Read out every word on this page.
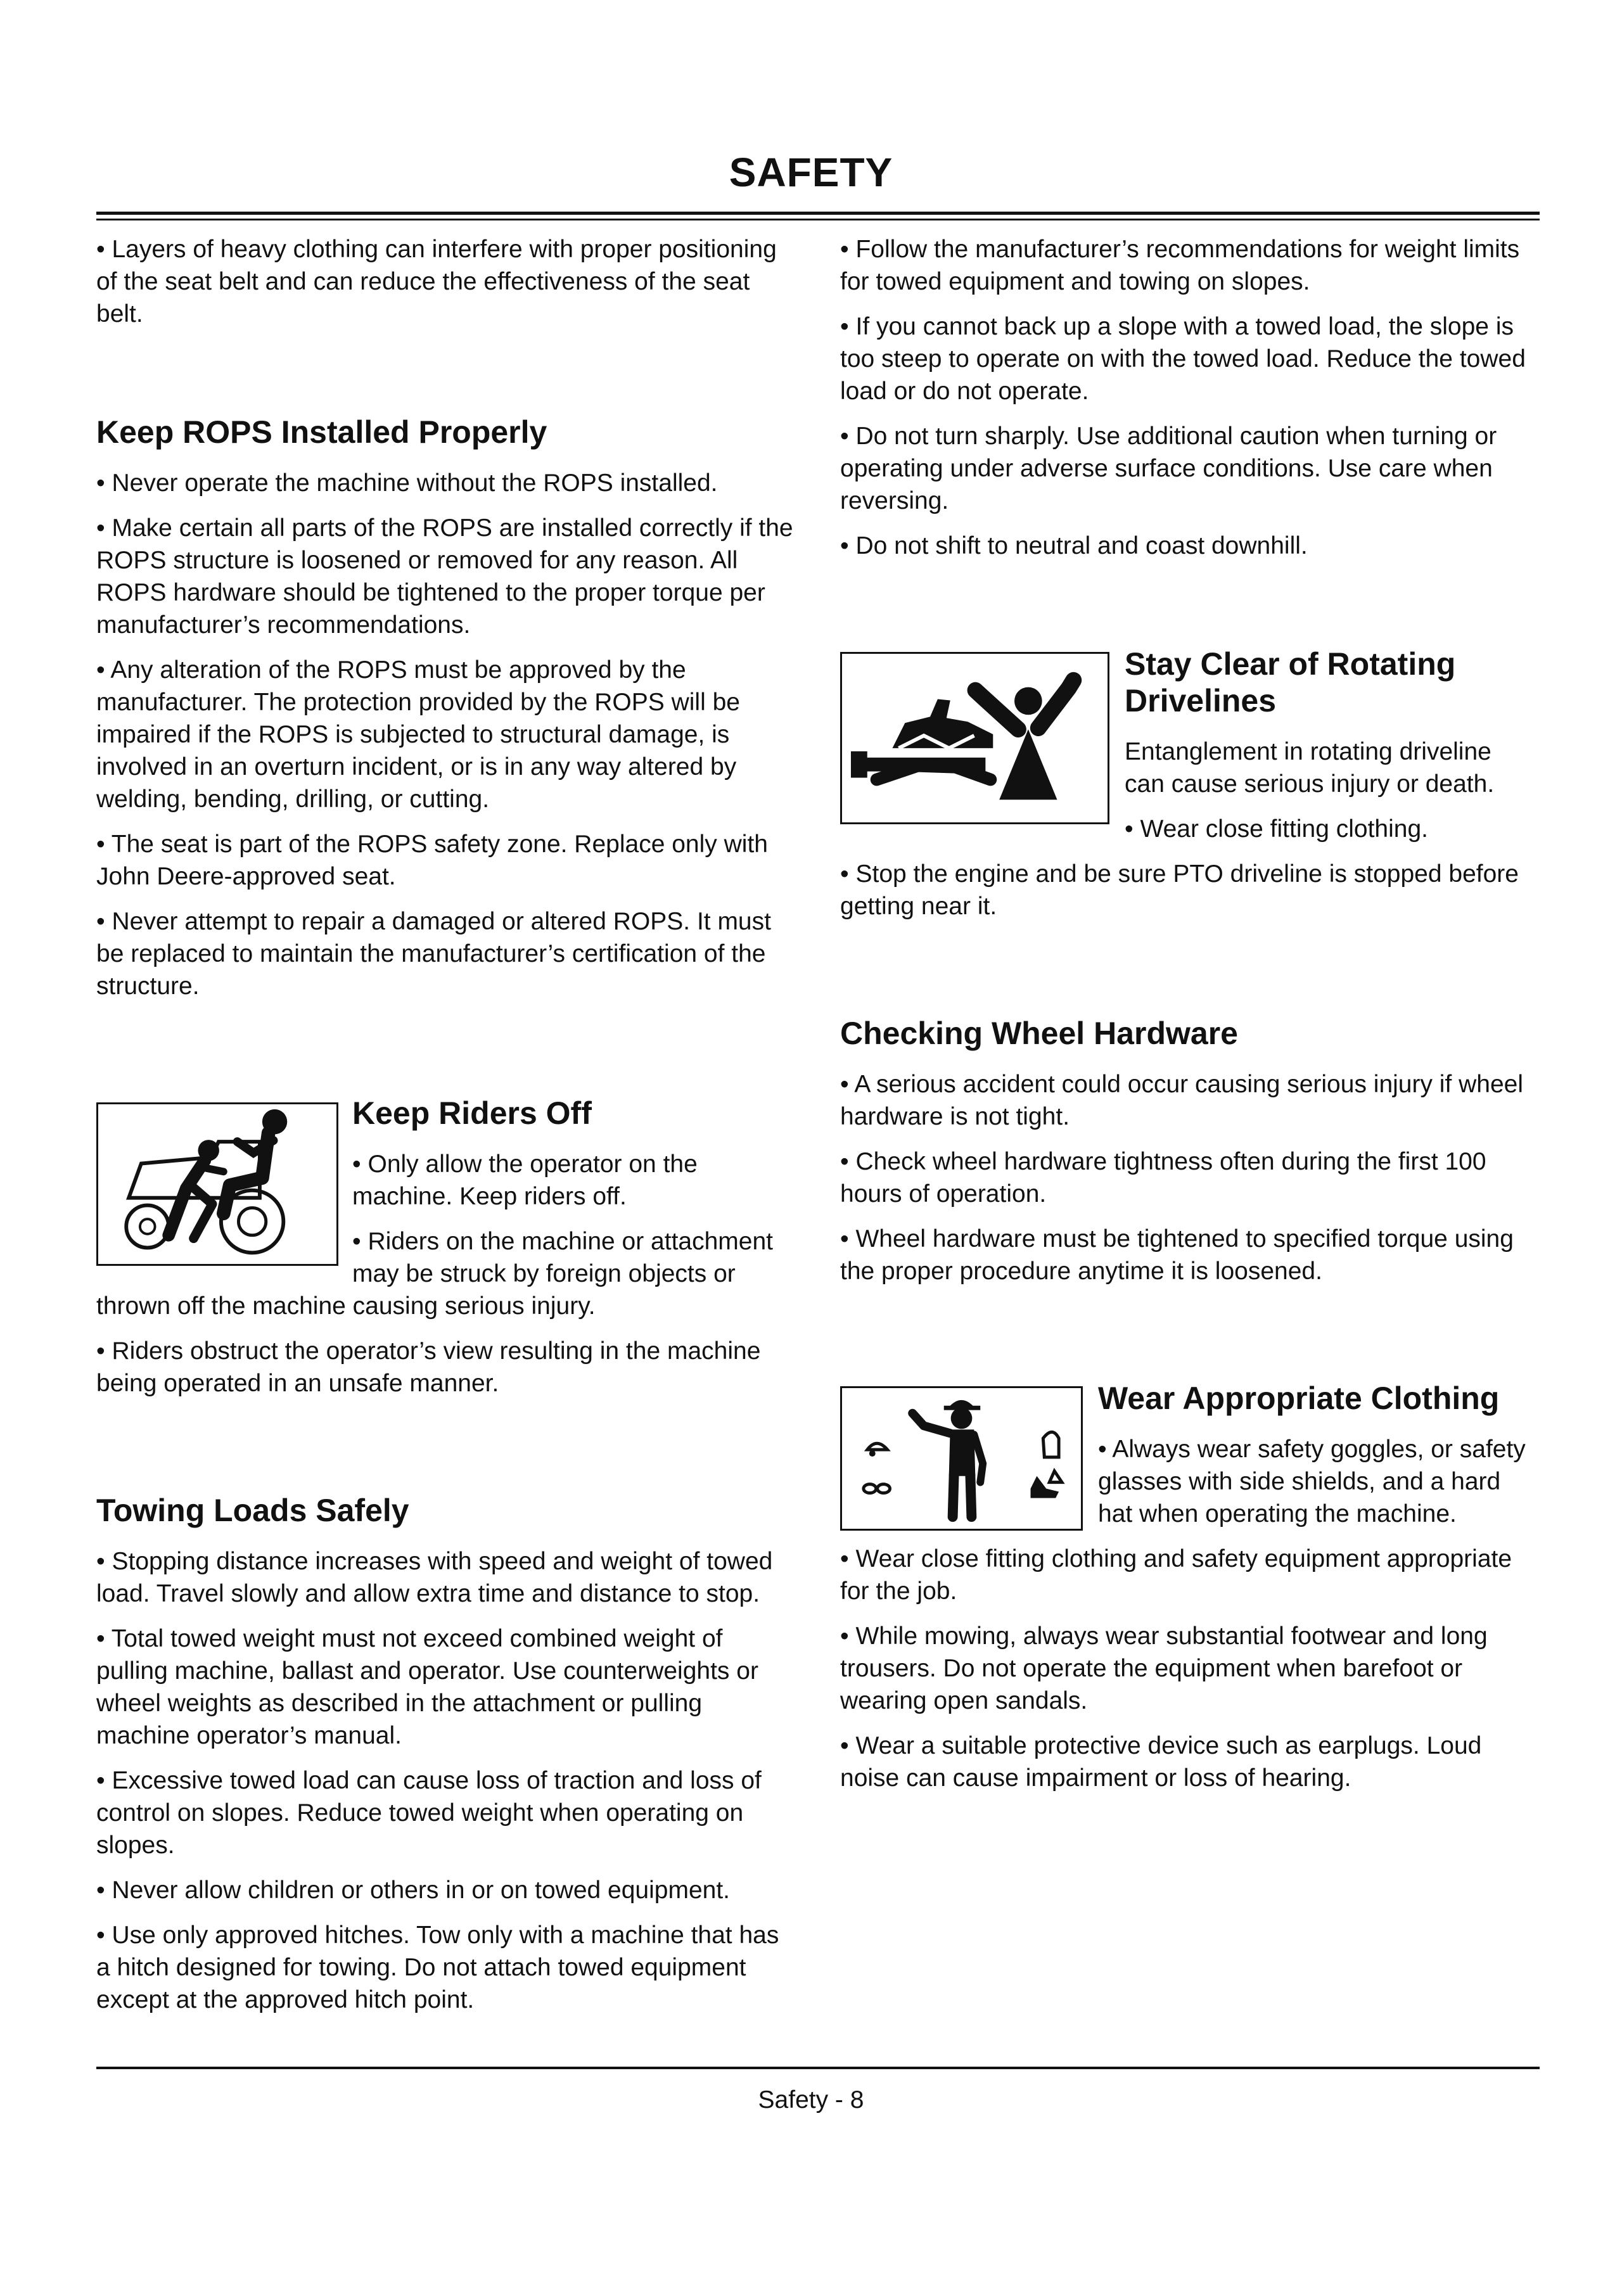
SAFETY

• Layers of heavy clothing can interfere with proper positioning of the seat belt and can reduce the effectiveness of the seat belt.

Keep ROPS Installed Properly

• Never operate the machine without the ROPS installed.

• Make certain all parts of the ROPS are installed correctly if the ROPS structure is loosened or removed for any reason. All ROPS hardware should be tightened to the proper torque per manufacturer’s recommendations.

• Any alteration of the ROPS must be approved by the manufacturer. The protection provided by the ROPS will be impaired if the ROPS is subjected to structural damage, is involved in an overturn incident, or is in any way altered by welding, bending, drilling, or cutting.

• The seat is part of the ROPS safety zone. Replace only with John Deere-approved seat.

• Never attempt to repair a damaged or altered ROPS. It must be replaced to maintain the manufacturer’s certification of the structure.

Keep Riders Off

• Only allow the operator on the machine. Keep riders off.

• Riders on the machine or attachment may be struck by foreign objects or thrown off the machine causing serious injury.

• Riders obstruct the operator’s view resulting in the machine being operated in an unsafe manner.

Towing Loads Safely

• Stopping distance increases with speed and weight of towed load. Travel slowly and allow extra time and distance to stop.

• Total towed weight must not exceed combined weight of pulling machine, ballast and operator. Use counterweights or wheel weights as described in the attachment or pulling machine operator’s manual.

• Excessive towed load can cause loss of traction and loss of control on slopes. Reduce towed weight when operating on slopes.

• Never allow children or others in or on towed equipment.

• Use only approved hitches. Tow only with a machine that has a hitch designed for towing. Do not attach towed equipment except at the approved hitch point.

• Follow the manufacturer’s recommendations for weight limits for towed equipment and towing on slopes.

• If you cannot back up a slope with a towed load, the slope is too steep to operate on with the towed load. Reduce the towed load or do not operate.

• Do not turn sharply. Use additional caution when turning or operating under adverse surface conditions. Use care when reversing.

• Do not shift to neutral and coast downhill.

Stay Clear of Rotating Drivelines

Entanglement in rotating driveline can cause serious injury or death.

• Wear close fitting clothing.

• Stop the engine and be sure PTO driveline is stopped before getting near it.

Checking Wheel Hardware

• A serious accident could occur causing serious injury if wheel hardware is not tight.

• Check wheel hardware tightness often during the first 100 hours of operation.

• Wheel hardware must be tightened to specified torque using the proper procedure anytime it is loosened.

Wear Appropriate Clothing

• Always wear safety goggles, or safety glasses with side shields, and a hard hat when operating the machine.

• Wear close fitting clothing and safety equipment appropriate for the job.

• While mowing, always wear substantial footwear and long trousers. Do not operate the equipment when barefoot or wearing open sandals.

• Wear a suitable protective device such as earplugs. Loud noise can cause impairment or loss of hearing.

Safety - 8
